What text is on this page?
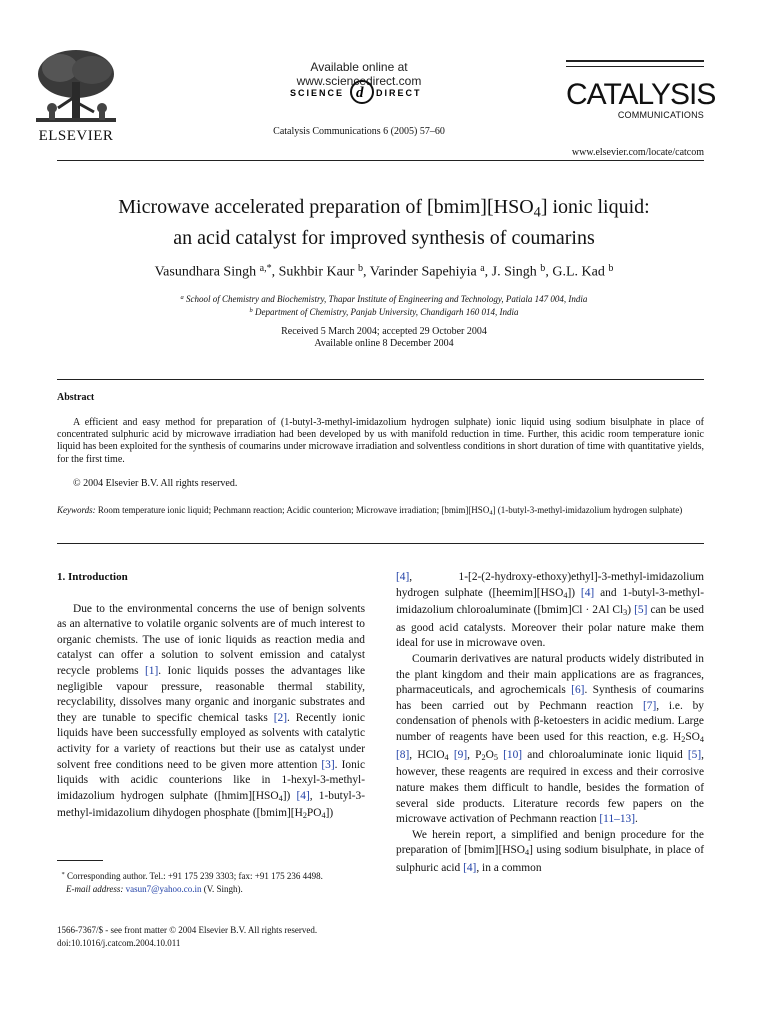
ELSEVIER
Available online at www.sciencedirect.com
SCIENCE d DIRECT
Catalysis Communications 6 (2005) 57–60
CATALYSIS
COMMUNICATIONS
www.elsevier.com/locate/catcom
Microwave accelerated preparation of $[bmim][HSO_4]$ ionic liquid:
an acid catalyst for improved synthesis of coumarins
Vasundhara Singh $^{a,*}$, Sukhbir Kaur $^b$, Varinder Sapehiyia $^a$, J. Singh $^b$, G.L. Kad $^b$
$^a$ School of Chemistry and Biochemistry, Thapar Institute of Engineering and Technology, Patiala 147 004, India
$^b$ Department of Chemistry, Panjab University, Chandigarh 160 014, India
Received 5 March 2004; accepted 29 October 2004
Available online 8 December 2004
Abstract
A efficient and easy method for preparation of (1-butyl-3-methyl-imidazolium hydrogen sulphate) ionic liquid using sodium bisulphate in place of concentrated sulphuric acid by microwave irradiation had been developed by us with manifold reduction in time. Further, this acidic room temperature ionic liquid has been exploited for the synthesis of coumarins under microwave irradiation and solventless conditions in short duration of time with quantitative yields, for the first time.
© 2004 Elsevier B.V. All rights reserved.
Keywords: Room temperature ionic liquid; Pechmann reaction; Acidic counterion; Microwave irradiation; $[bmim][HSO_4]$ (1-butyl-3-methyl-imidazolium hydrogen sulphate)
1. Introduction

Due to the environmental concerns the use of benign solvents as an alternative to volatile organic solvents are of much interest to organic chemists. The use of ionic liquids as reaction media and catalyst can offer a solution to solvent emission and catalyst recycle problems [1]. Ionic liquids posses the advantages like negligible vapour pressure, reasonable thermal stability, recyclability, dissolves many organic and inorganic substrates and they are tunable to specific chemical tasks [2]. Recently ionic liquids have been successfully employed as solvents with catalytic activity for a variety of reactions but their use as catalyst under solvent free conditions need to be given more attention [3]. Ionic liquids with acidic counterions like in 1-hexyl-3-methyl-imidazolium hydrogen sulphate $([hmim][HSO_4])$ [4], 1-butyl-3-methyl-imidazolium dihydogen phosphate $([bmim][H_2PO_4])$

[4], 1-[2-(2-hydroxy-ethoxy)ethyl]-3-methyl-imidazolium hydrogen sulphate $([heemim][HSO_4])$ [4] and 1-butyl-3-methyl-imidazolium chloroaluminate ([bmim]Cl · 2Al $Cl_3$) [5] can be used as good acid catalysts. Moreover their polar nature make them ideal for use in microwave oven.

Coumarin derivatives are natural products widely distributed in the plant kingdom and their main applications are as fragrances, pharmaceuticals, and agrochemicals [6]. Synthesis of coumarins has been carried out by Pechmann reaction [7], i.e. by condensation of phenols with β-ketoesters in acidic medium. Large number of reagents have been used for this reaction, e.g. $H_2SO_4$ [8], HClO$_4$ [9], $P_2O_5$ [10] and chloroaluminate ionic liquid [5], however, these reagents are required in excess and their corrosive nature makes them difficult to handle, besides the formation of several side products. Literature records few papers on the microwave activation of Pechmann reaction [11–13].

We herein report, a simplified and benign procedure for the preparation of $[bmim][HSO_4]$ using sodium bisulphate, in place of sulphuric acid [4], in a common

* Corresponding author. Tel.: +91 175 239 3303; fax: +91 175 236 4498.

E-mail address: vasun7@yahoo.co.in (V. Singh).

1566-7367/$ - see front matter © 2004 Elsevier B.V. All rights reserved.
doi:10.1016/j.catcom.2004.10.011
